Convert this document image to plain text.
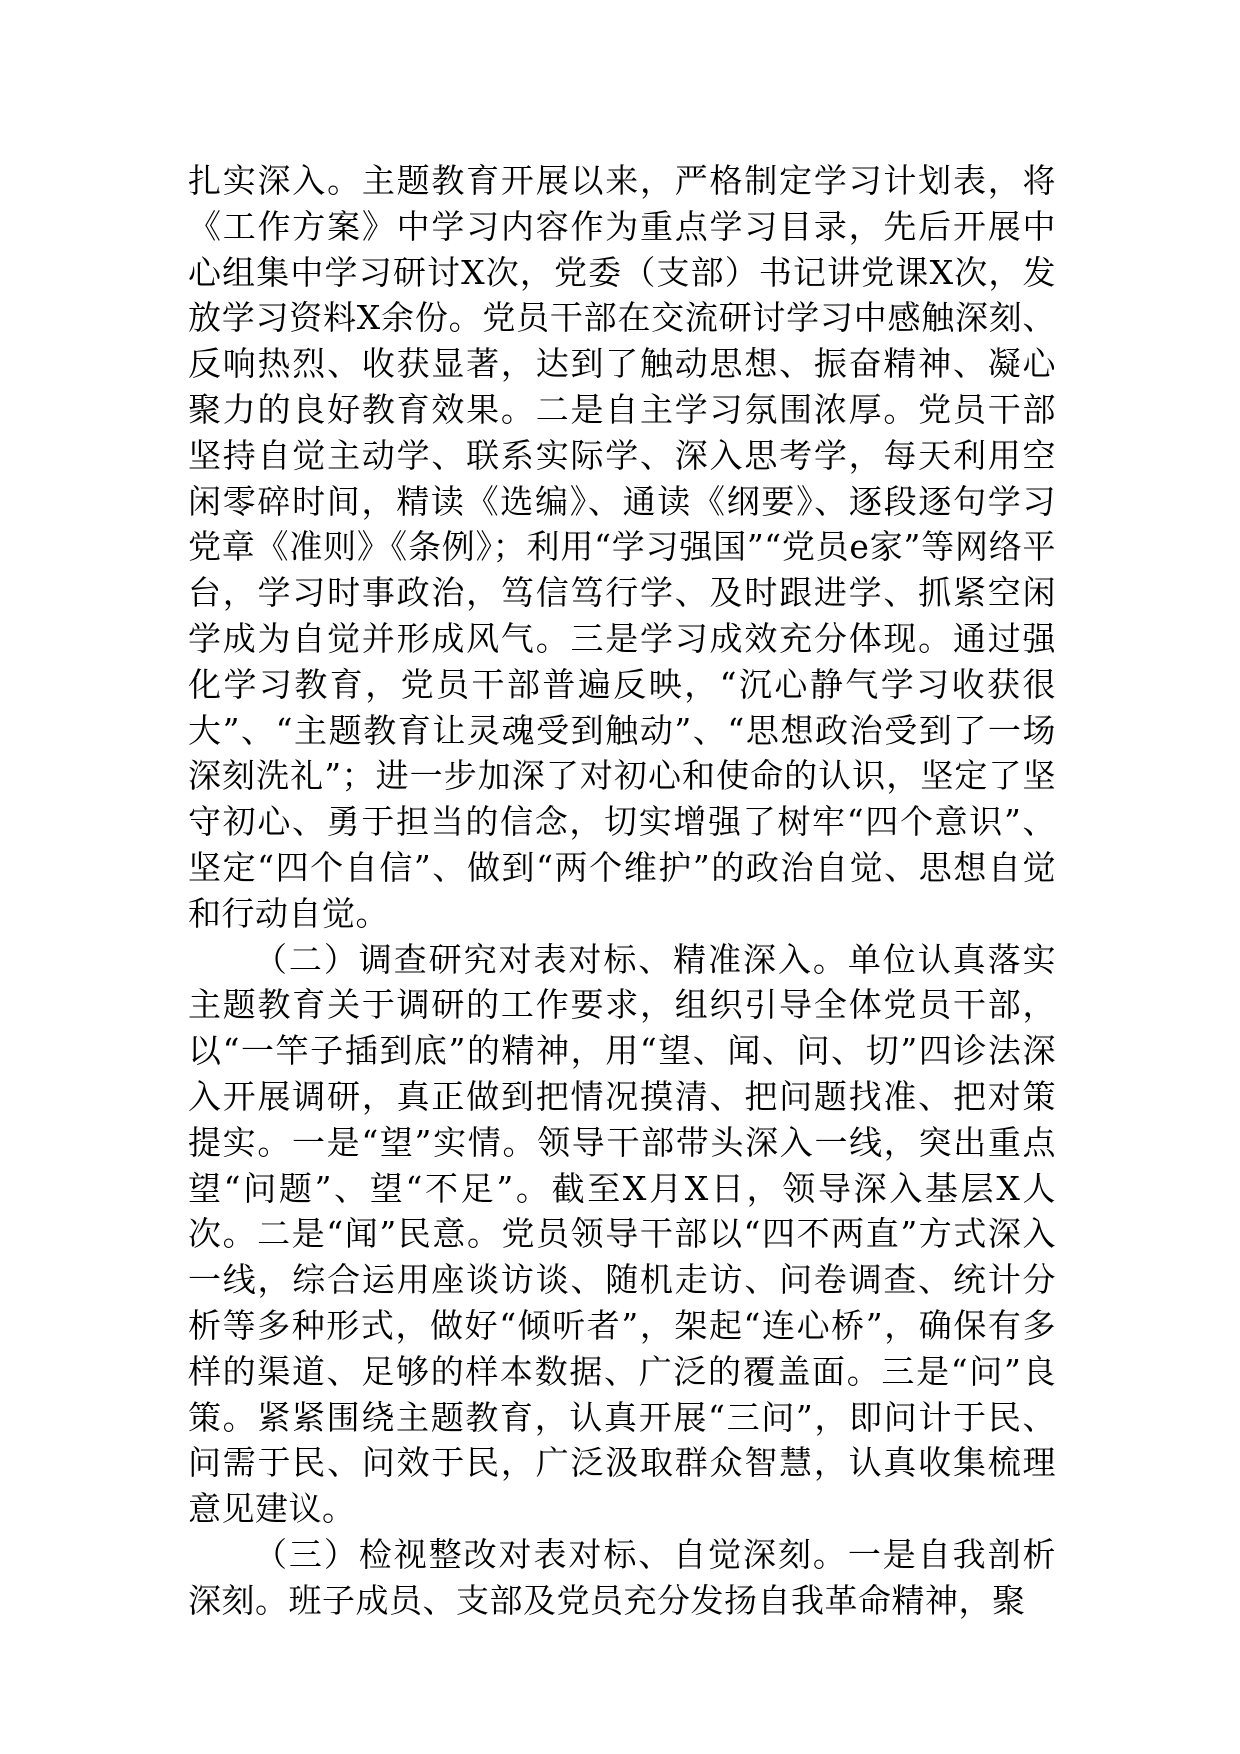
扎实深入。主题教育开展以来，严格制定学习计划表，将《工作方案》中学习内容作为重点学习目录，先后开展中心组集中学习研讨X次，党委（支部）书记讲党课X次，发放学习资料X余份。党员干部在交流研讨学习中感触深刻、反响热烈、收获显著，达到了触动思想、振奋精神、凝心聚力的良好教育效果。二是自主学习氛围浓厚。党员干部坚持自觉主动学、联系实际学、深入思考学，每天利用空闲零碎时间，精读《选编》、通读《纲要》、逐段逐句学习党章《准则》《条例》；利用“学习强国”“党员e家”等网络平台，学习时事政治，笃信笃行学、及时跟进学、抓紧空闲学成为自觉并形成风气。三是学习成效充分体现。通过强化学习教育，党员干部普遍反映，“沉心静气学习收获很大”、“主题教育让灵魂受到触动”、“思想政治受到了一场深刻洗礼”；进一步加深了对初心和使命的认识，坚定了坚守初心、勇于担当的信念，切实增强了树牢“四个意识”、坚定“四个自信”、做到“两个维护”的政治自觉、思想自觉和行动自觉。

（二）调查研究对表对标、精准深入。单位认真落实主题教育关于调研的工作要求，组织引导全体党员干部，以“一竿子插到底”的精神，用“望、闻、问、切”四诊法深入开展调研，真正做到把情况摸清、把问题找准、把对策提实。一是“望”实情。领导干部带头深入一线，突出重点望“问题”、望“不足”。截至X月X日，领导深入基层X人次。二是“闻”民意。党员领导干部以“四不两直”方式深入一线，综合运用座谈访谈、随机走访、问卷调查、统计分析等多种形式，做好“倾听者”，架起“连心桥”，确保有多样的渠道、足够的样本数据、广泛的覆盖面。三是“问”良策。紧紧围绕主题教育，认真开展“三问”，即问计于民、问需于民、问效于民，广泛汲取群众智慧，认真收集梳理意见建议。

（三）检视整改对表对标、自觉深刻。一是自我剖析深刻。班子成员、支部及党员充分发扬自我革命精神，聚
